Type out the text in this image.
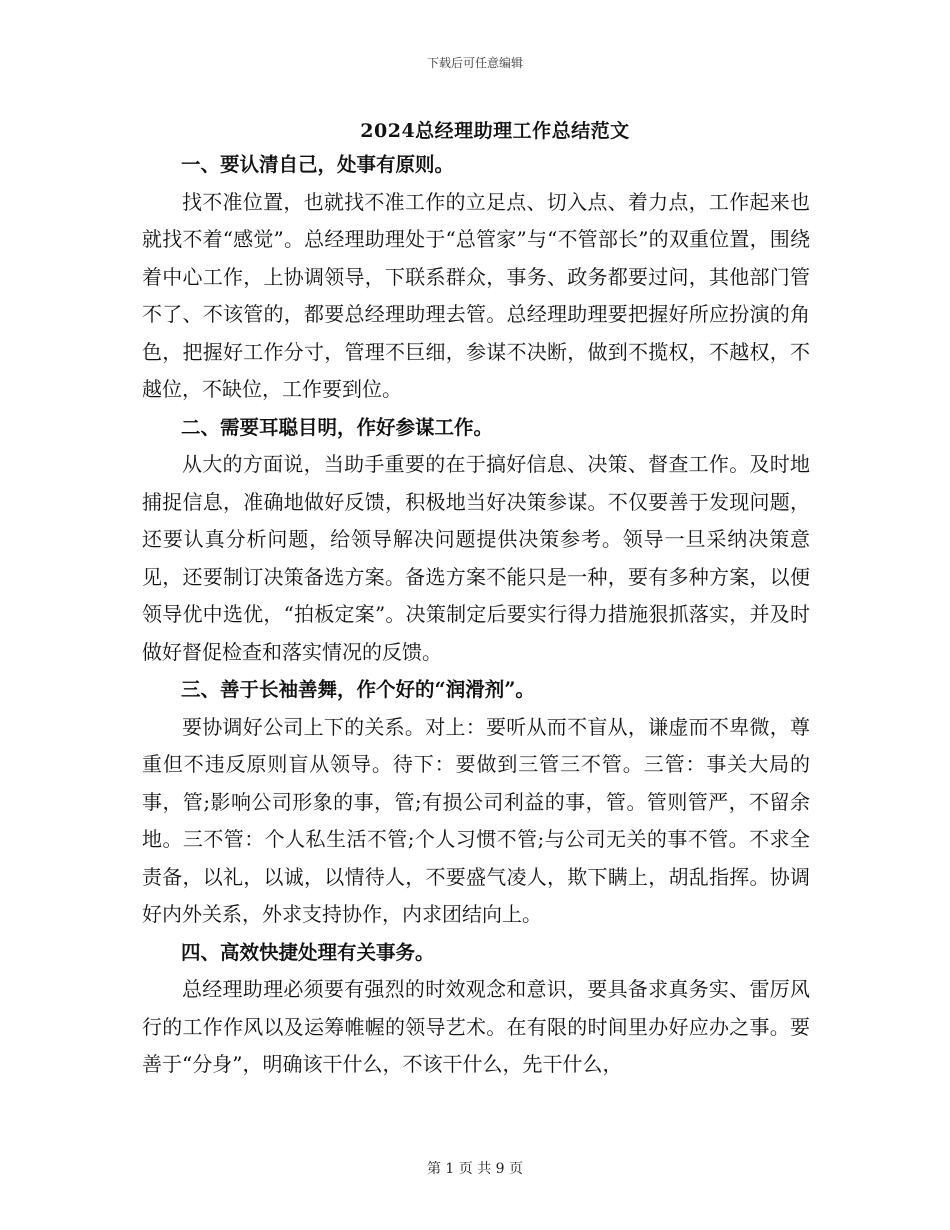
下载后可任意编辑
2024总经理助理工作总结范文

一、要认清自己，处事有原则。

找不准位置，也就找不准工作的立足点、切入点、着力点，工作起来也就找不着“感觉”。总经理助理处于“总管家”与“不管部长”的双重位置，围绕着中心工作，上协调领导，下联系群众，事务、政务都要过问，其他部门管不了、不该管的，都要总经理助理去管。总经理助理要把握好所应扮演的角色，把握好工作分寸，管理不巨细，参谋不决断，做到不揽权，不越权，不越位，不缺位，工作要到位。

二、需要耳聪目明，作好参谋工作。

从大的方面说，当助手重要的在于搞好信息、决策、督查工作。及时地捕捉信息，准确地做好反馈，积极地当好决策参谋。不仅要善于发现问题，还要认真分析问题，给领导解决问题提供决策参考。领导一旦采纳决策意见，还要制订决策备选方案。备选方案不能只是一种，要有多种方案，以便领导优中选优，“拍板定案”。决策制定后要实行得力措施狠抓落实，并及时做好督促检查和落实情况的反馈。

三、善于长袖善舞，作个好的“润滑剂”。

要协调好公司上下的关系。对上：要听从而不盲从，谦虚而不卑微，尊重但不违反原则盲从领导。待下：要做到三管三不管。三管：事关大局的事，管;影响公司形象的事，管;有损公司利益的事，管。管则管严，不留余地。三不管：个人私生活不管;个人习惯不管;与公司无关的事不管。不求全责备，以礼，以诚，以情待人，不要盛气凌人，欺下瞒上，胡乱指挥。协调好内外关系，外求支持协作，内求团结向上。

四、高效快捷处理有关事务。

总经理助理必须要有强烈的时效观念和意识，要具备求真务实、雷厉风行的工作作风以及运筹帷幄的领导艺术。在有限的时间里办好应办之事。要善于“分身”，明确该干什么，不该干什么，先干什么，

第 1 页 共 9 页
